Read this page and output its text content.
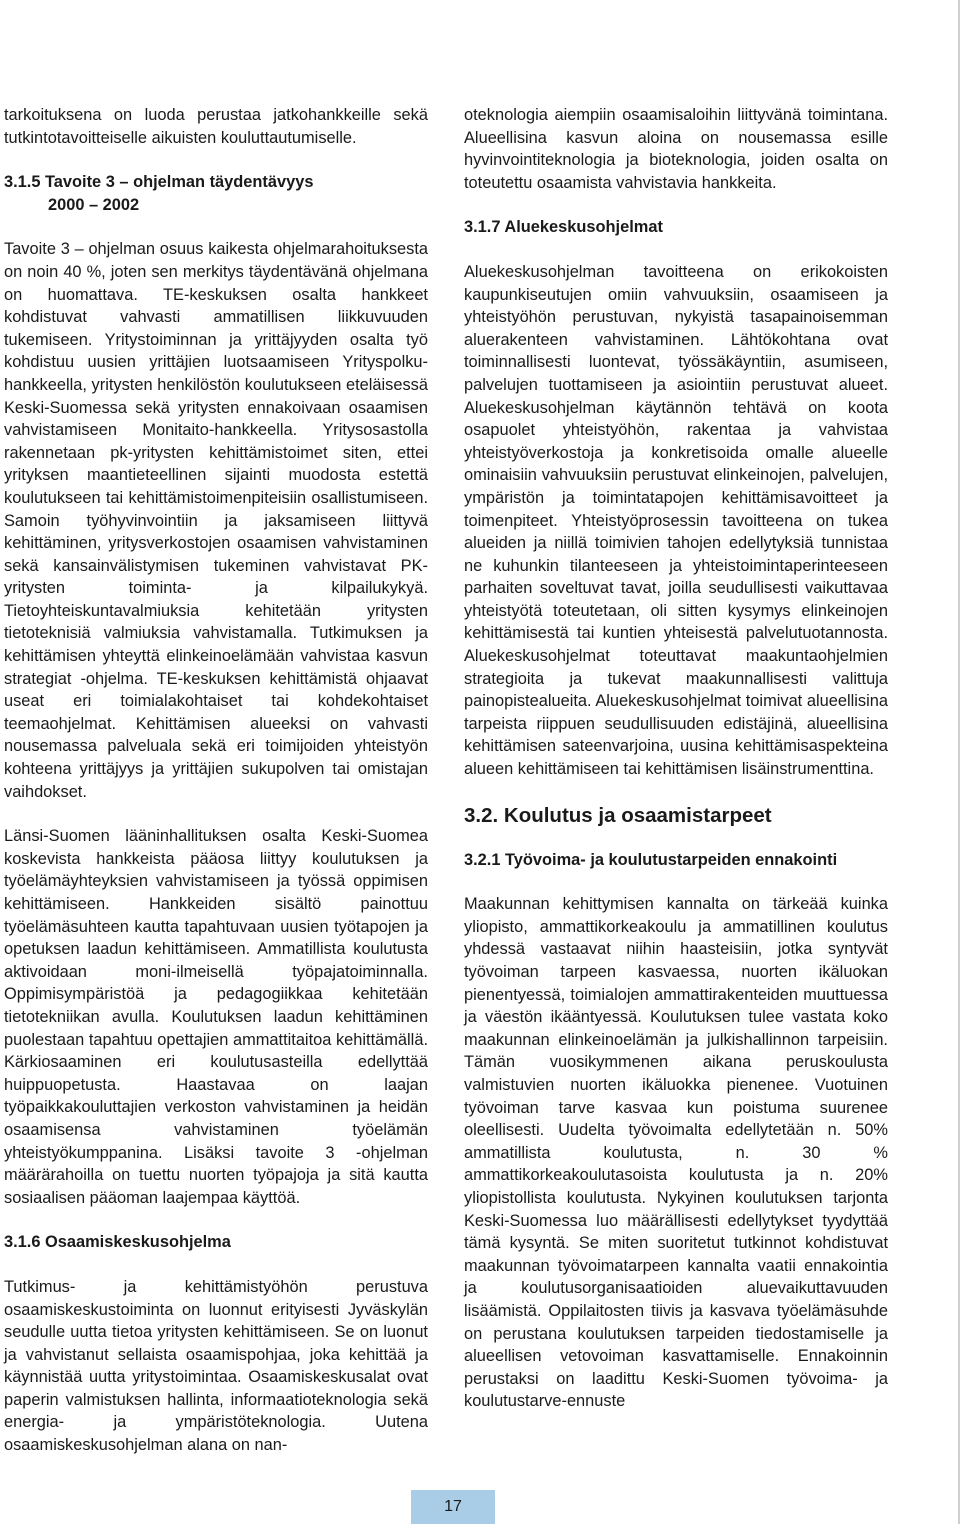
tarkoituksena on luoda perustaa jatkohankkeille sekä tutkintotavoitteiselle aikuisten kouluttautumiselle.

3.1.5 Tavoite 3 – ohjelman täydentävyys
2000 – 2002

Tavoite 3 – ohjelman osuus kaikesta ohjelmarahoituksesta on noin 40 %, joten sen merkitys täydentävänä ohjelmana on huomattava. TE-keskuksen osalta hankkeet kohdistuvat vahvasti ammatillisen liikkuvuuden tukemiseen. Yritystoiminnan ja yrittäjyyden osalta työ kohdistuu uusien yrittäjien luotsaamiseen Yrityspolku-hankkeella, yritysten henkilöstön koulutukseen eteläisessä Keski-Suomessa sekä yritysten ennakoivaan osaamisen vahvistamiseen Monitaito-hankkeella. Yritysosastolla rakennetaan pk-yritysten kehittämistoimet siten, ettei yrityksen maantieteellinen sijainti muodosta estettä koulutukseen tai kehittämistoimenpiteisiin osallistumiseen. Samoin työhyvinvointiin ja jaksamiseen liittyvä kehittäminen, yritysverkostojen osaamisen vahvistaminen sekä kansainvälistymisen tukeminen vahvistavat PK- yritysten toiminta- ja kilpailukykyä. Tietoyhteiskuntavalmiuksia kehitetään yritysten tietoteknisiä valmiuksia vahvistamalla. Tutkimuksen ja kehittämisen yhteyttä elinkeinoelämään vahvistaa kasvun strategiat -ohjelma. TE-keskuksen kehittämistä ohjaavat useat eri toimialakohtaiset tai kohdekohtaiset teemaohjelmat. Kehittämisen alueeksi on vahvasti nousemassa palveluala sekä eri toimijoiden yhteistyön kohteena yrittäjyys ja yrittäjien sukupolven tai omistajan vaihdokset.

Länsi-Suomen lääninhallituksen osalta Keski-Suomea koskevista hankkeista pääosa liittyy koulutuksen ja työelämäyhteyksien vahvistamiseen ja työssä oppimisen kehittämiseen. Hankkeiden sisältö painottuu työelämäsuhteen kautta tapahtuvaan uusien työtapojen ja opetuksen laadun kehittämiseen. Ammatillista koulutusta aktivoidaan moni-ilmeisellä työpajatoiminnalla. Oppimisympäristöä ja pedagogiikkaa kehitetään tietotekniikan avulla. Koulutuksen laadun kehittäminen puolestaan tapahtuu opettajien ammattitaitoa kehittämällä. Kärkiosaaminen eri koulutusasteilla edellyttää huippuopetusta. Haastavaa on laajan työpaikkakouluttajien verkoston vahvistaminen ja heidän osaamisensa vahvistaminen työelämän yhteistyökumppanina. Lisäksi tavoite 3 -ohjelman määrärahoilla on tuettu nuorten työpajoja ja sitä kautta sosiaalisen pääoman laajempaa käyttöä.

3.1.6 Osaamiskeskusohjelma

Tutkimus- ja kehittämistyöhön perustuva osaamiskeskustoiminta on luonnut erityisesti Jyväskylän seudulle uutta tietoa yritysten kehittämiseen. Se on luonut ja vahvistanut sellaista osaamispohjaa, joka kehittää ja käynnistää uutta yritystoimintaa. Osaamiskeskusalat ovat paperin valmistuksen hallinta, informaatioteknologia sekä energia- ja ympäristöteknologia. Uutena osaamiskeskusohjelman alana on nan-

oteknologia aiempiin osaamisaloihin liittyvänä toimintana. Alueellisina kasvun aloina on nousemassa esille hyvinvointiteknologia ja bioteknologia, joiden osalta on toteutettu osaamista vahvistavia hankkeita.

3.1.7 Aluekeskusohjelmat

Aluekeskusohjelman tavoitteena on erikokoisten kaupunkiseutujen omiin vahvuuksiin, osaamiseen ja yhteistyöhön perustuvan, nykyistä tasapainoisemman aluerakenteen vahvistaminen. Lähtökohtana ovat toiminnallisesti luontevat, työssäkäyntiin, asumiseen, palvelujen tuottamiseen ja asiointiin perustuvat alueet. Aluekeskusohjelman käytännön tehtävä on koota osapuolet yhteistyöhön, rakentaa ja vahvistaa yhteistyöverkostoja ja konkretisoida omalle alueelle ominaisiin vahvuuksiin perustuvat elinkeinojen, palvelujen, ympäristön ja toimintatapojen kehittämisavoitteet ja toimenpiteet. Yhteistyöprosessin tavoitteena on tukea alueiden ja niillä toimivien tahojen edellytyksiä tunnistaa ne kuhunkin tilanteeseen ja yhteistoimintaperinteeseen parhaiten soveltuvat tavat, joilla seudullisesti vaikuttavaa yhteistyötä toteutetaan, oli sitten kysymys elinkeinojen kehittämisestä tai kuntien yhteisestä palvelutuotannosta. Aluekeskusohjelmat toteuttavat maakuntaohjelmien strategioita ja tukevat maakunnallisesti valittuja painopistealueita. Aluekeskusohjelmat toimivat alueellisina tarpeista riippuen seudullisuuden edistäjinä, alueellisina kehittämisen sateenvarjoina, uusina kehittämisaspekteina alueen kehittämiseen tai kehittämisen lisäinstrumenttina.

3.2. Koulutus ja osaamistarpeet
3.2.1 Työvoima- ja koulutustarpeiden ennakointi

Maakunnan kehittymisen kannalta on tärkeää kuinka yliopisto, ammattikorkeakoulu ja ammatillinen koulutus yhdessä vastaavat niihin haasteisiin, jotka syntyvät työvoiman tarpeen kasvaessa, nuorten ikäluokan pienentyessä, toimialojen ammattirakenteiden muuttuessa ja väestön ikääntyessä. Koulutuksen tulee vastata koko maakunnan elinkeinoelämän ja julkishallinnon tarpeisiin. Tämän vuosikymmenen aikana peruskoulusta valmistuvien nuorten ikäluokka pienenee. Vuotuinen työvoiman tarve kasvaa kun poistuma suurenee oleellisesti. Uudelta työvoimalta edellytetään n. 50% ammatillista koulutusta, n. 30 % ammattikorkeakoulutasoista koulutusta ja n. 20% yliopistollista koulutusta. Nykyinen koulutuksen tarjonta Keski-Suomessa luo määrällisesti edellytykset tyydyttää tämä kysyntä. Se miten suoritetut tutkinnot kohdistuvat maakunnan työvoimatarpeen kannalta vaatii ennakointia ja koulutusorganisaatioiden aluevaikuttavuuden lisäämistä. Oppilaitosten tiivis ja kasvava työelämäsuhde on perustana koulutuksen tarpeiden tiedostamiselle ja alueellisen vetovoiman kasvattamiselle. Ennakoinnin perustaksi on laadittu Keski-Suomen työvoima- ja koulutustarve-ennuste

17
